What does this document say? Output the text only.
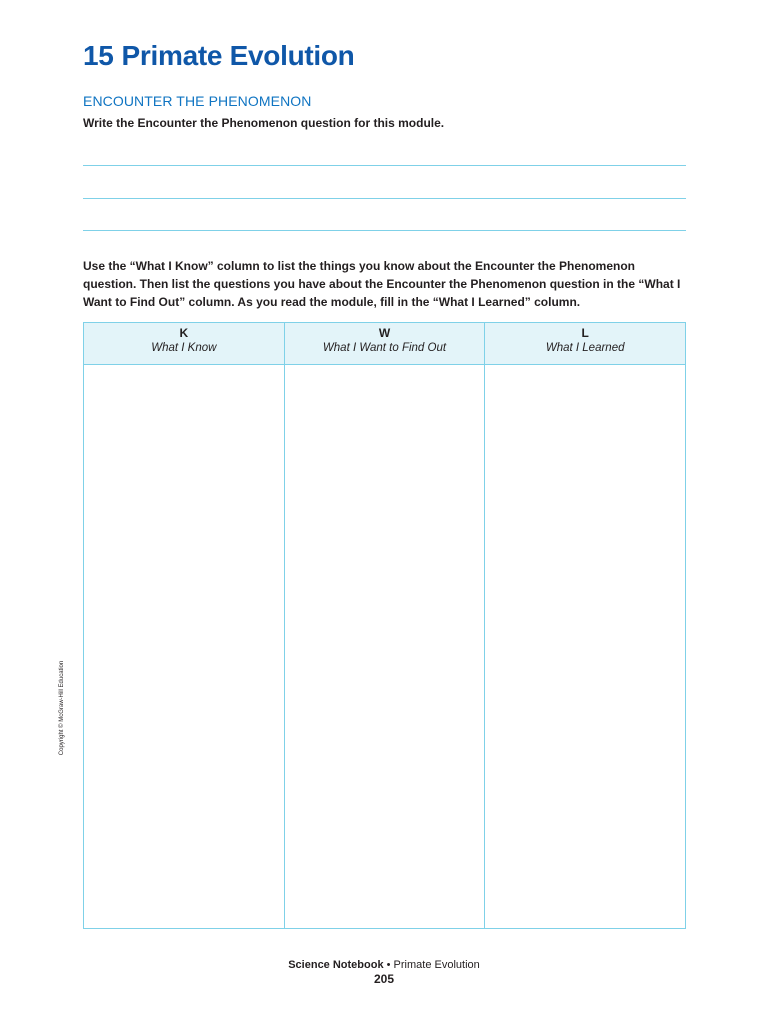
15 Primate Evolution
ENCOUNTER THE PHENOMENON

Write the Encounter the Phenomenon question for this module.

Use the “What I Know” column to list the things you know about the Encounter the Phenomenon question. Then list the questions you have about the Encounter the Phenomenon question in the “What I Want to Find Out” column. As you read the module, fill in the “What I Learned” column.

K
What I Know
W
What I Want to Find Out
L
What I Learned
Copyright © McGraw-Hill Education
Science Notebook • Primate Evolution
205
